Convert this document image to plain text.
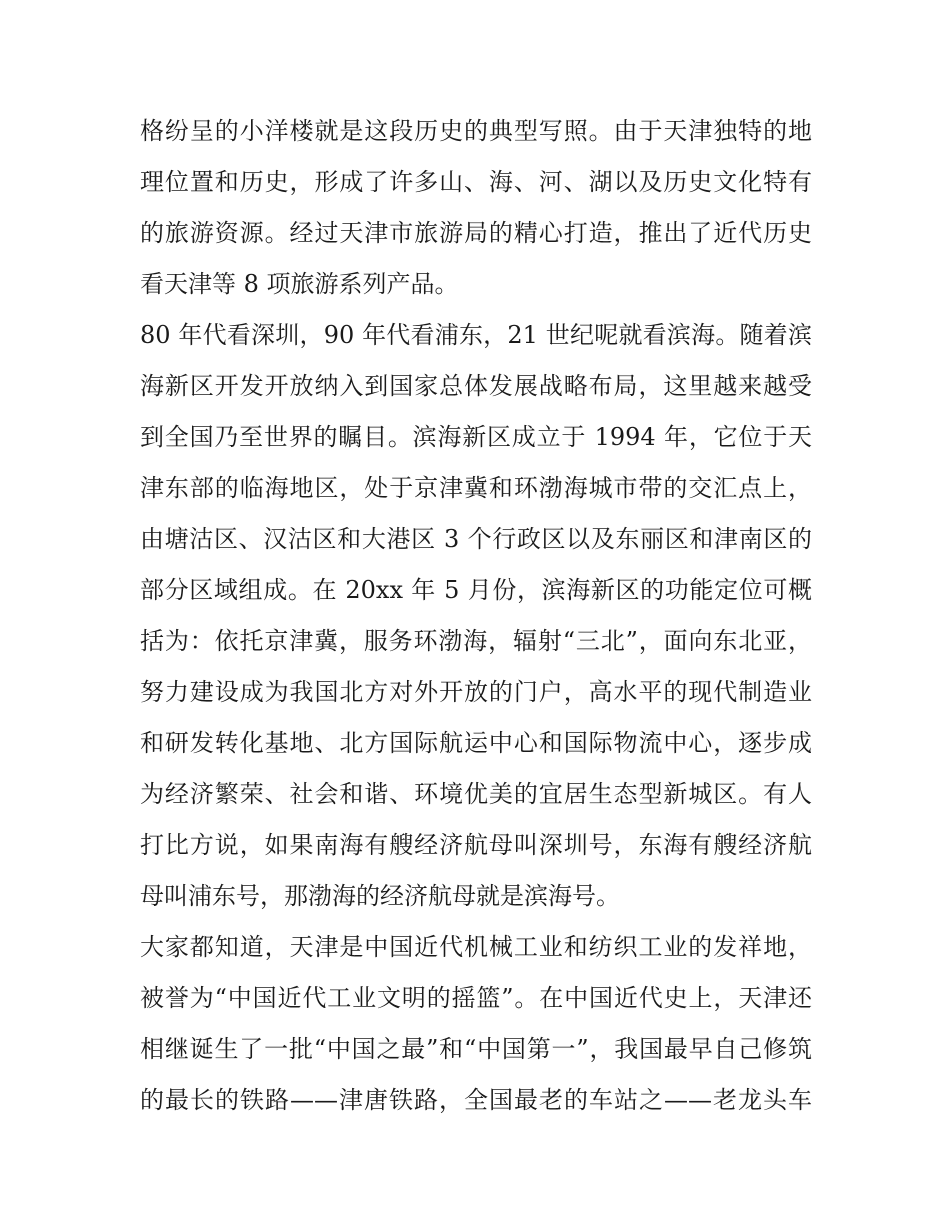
格纷呈的小洋楼就是这段历史的典型写照。由于天津独特的地
理位置和历史，形成了许多山、海、河、湖以及历史文化特有
的旅游资源。经过天津市旅游局的精心打造，推出了近代历史
看天津等 8 项旅游系列产品。
80 年代看深圳，90 年代看浦东，21 世纪呢就看滨海。随着滨
海新区开发开放纳入到国家总体发展战略布局，这里越来越受
到全国乃至世界的瞩目。滨海新区成立于 1994 年，它位于天
津东部的临海地区，处于京津冀和环渤海城市带的交汇点上，
由塘沽区、汉沽区和大港区 3 个行政区以及东丽区和津南区的
部分区域组成。在 20xx 年 5 月份，滨海新区的功能定位可概
括为：依托京津冀，服务环渤海，辐射“三北”，面向东北亚，
努力建设成为我国北方对外开放的门户，高水平的现代制造业
和研发转化基地、北方国际航运中心和国际物流中心，逐步成
为经济繁荣、社会和谐、环境优美的宜居生态型新城区。有人
打比方说，如果南海有艘经济航母叫深圳号，东海有艘经济航
母叫浦东号，那渤海的经济航母就是滨海号。
大家都知道，天津是中国近代机械工业和纺织工业的发祥地，
被誉为“中国近代工业文明的摇篮”。在中国近代史上，天津还
相继诞生了一批“中国之最”和“中国第一”，我国最早自己修筑
的最长的铁路——津唐铁路，全国最老的车站之——老龙头车
